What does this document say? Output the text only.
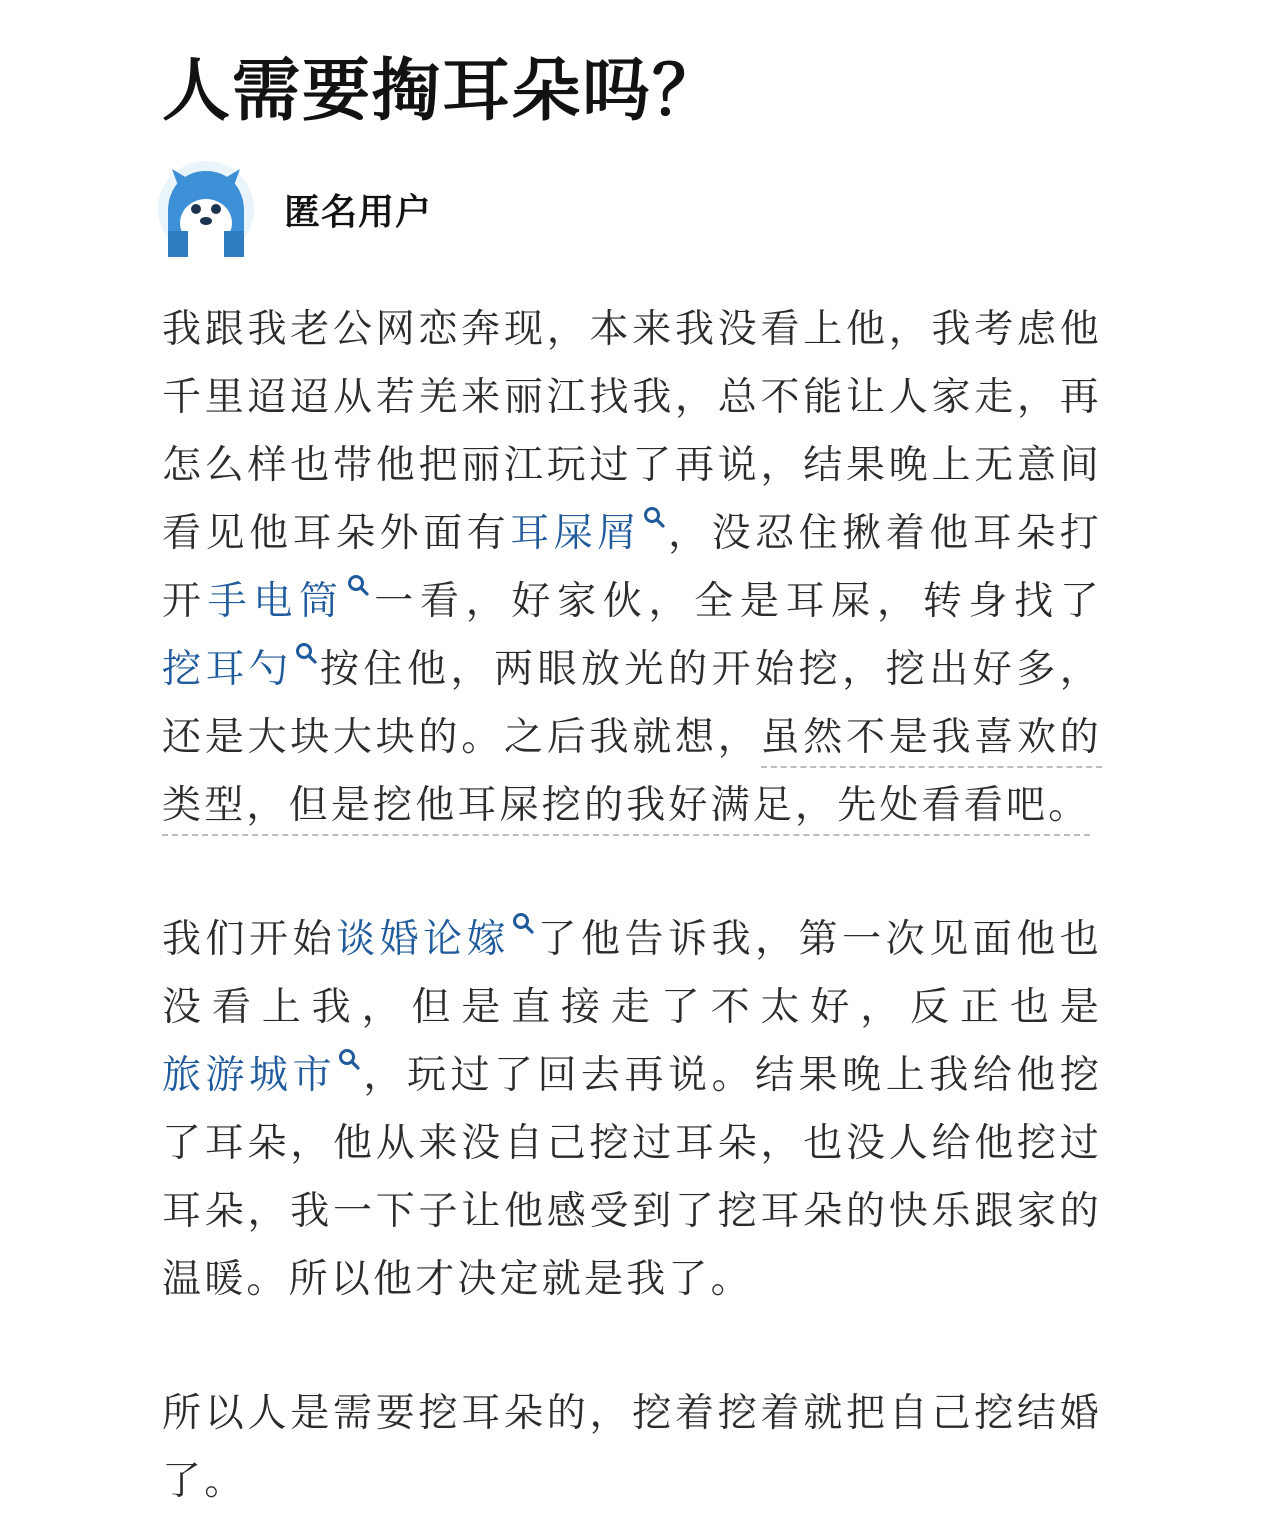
人需要掏耳朵吗？
匿名用户

我跟我老公网恋奔现，本来我没看上他，我考虑他千里迢迢从若羌来丽江找我，总不能让人家走，再怎么样也带他把丽江玩过了再说，结果晚上无意间看见他耳朵外面有耳屎屑 ，没忍住揪着他耳朵打开手电筒 一看，好家伙，全是耳屎，转身找了挖耳勺 按住他，两眼放光的开始挖，挖出好多，还是大块大块的。之后我就想，虽然不是我喜欢的类型，但是挖他耳屎挖的我好满足，先处看看吧。

我们开始谈婚论嫁 了他告诉我，第一次见面他也没看上我，但是直接走了不太好，反正也是旅游城市 ，玩过了回去再说。结果晚上我给他挖了耳朵，他从来没自己挖过耳朵，也没人给他挖过耳朵，我一下子让他感受到了挖耳朵的快乐跟家的温暖。所以他才决定就是我了。

所以人是需要挖耳朵的，挖着挖着就把自己挖结婚了。
